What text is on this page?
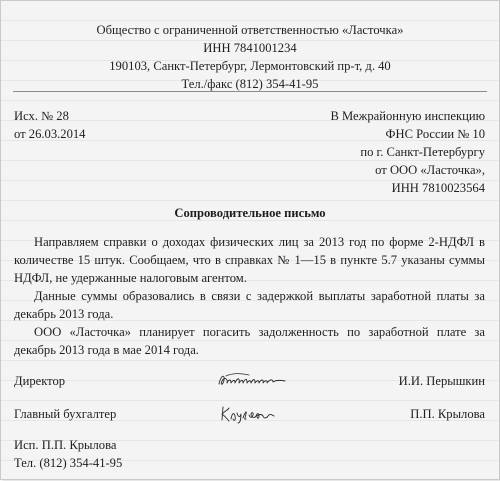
Общество с ограниченной ответственностью «Ласточка»
ИНН 7841001234
190103, Санкт-Петербург, Лермонтовский пр-т, д. 40
Тел./факс (812) 354-41-95
Исх. № 28
от 26.03.2014
В Межрайонную инспекцию
ФНС России № 10
по г. Санкт-Петербургу
от ООО «Ласточка»,
ИНН 7810023564
Сопроводительное письмо

Направляем справки о доходах физических лиц за 2013 год по форме 2-НДФЛ в количестве 15 штук. Сообщаем, что в справках № 1—15 в пункте 5.7 указаны суммы НДФЛ, не удержанные налоговым агентом.

Данные суммы образовались в связи с задержкой выплаты заработной платы за декабрь 2013 года.

ООО «Ласточка» планирует погасить задолженность по заработной плате за декабрь 2013 года в мае 2014 года.

Директор	И.И. Перышкин
Главный бухгалтер	П.П. Крылова
Исп. П.П. Крылова
Тел. (812) 354-41-95
